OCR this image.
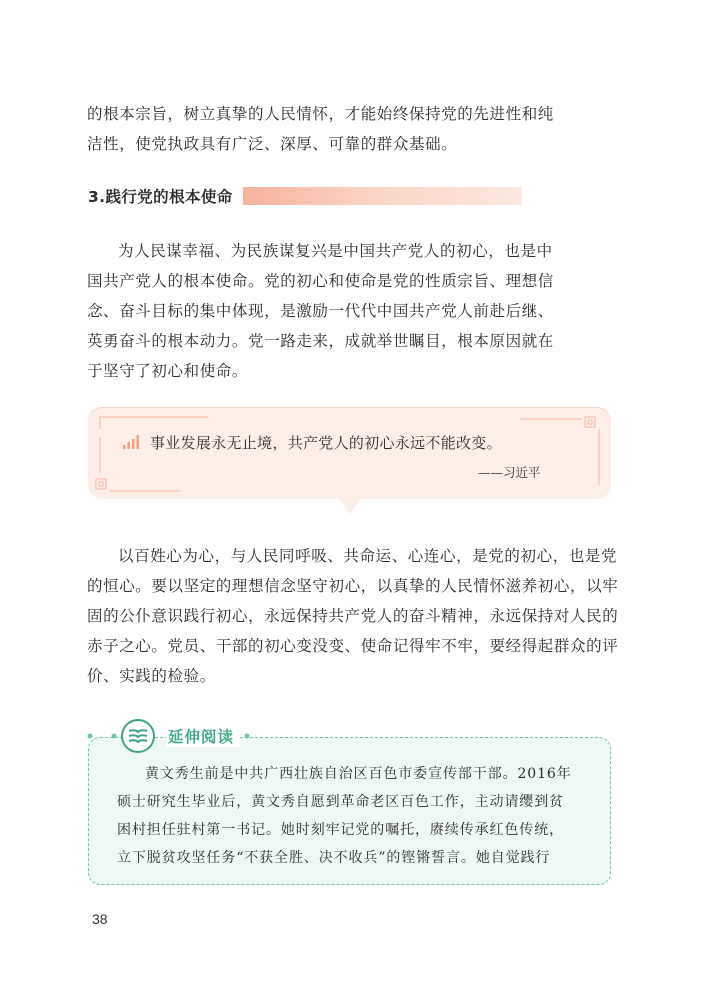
的根本宗旨，树立真挚的人民情怀，才能始终保持党的先进性和纯
洁性，使党执政具有广泛、深厚、可靠的群众基础。
3.践行党的根本使命
为人民谋幸福、为民族谋复兴是中国共产党人的初心，也是中
国共产党人的根本使命。党的初心和使命是党的性质宗旨、理想信
念、奋斗目标的集中体现，是激励一代代中国共产党人前赴后继、
英勇奋斗的根本动力。党一路走来，成就举世瞩目，根本原因就在
于坚守了初心和使命。
事业发展永无止境，共产党人的初心永远不能改变。
——习近平
以百姓心为心，与人民同呼吸、共命运、心连心，是党的初心，也是党
的恒心。要以坚定的理想信念坚守初心，以真挚的人民情怀滋养初心，以牢
固的公仆意识践行初心，永远保持共产党人的奋斗精神，永远保持对人民的
赤子之心。党员、干部的初心变没变、使命记得牢不牢，要经得起群众的评
价、实践的检验。
延伸阅读
黄文秀生前是中共广西壮族自治区百色市委宣传部干部。2016年
硕士研究生毕业后，黄文秀自愿到革命老区百色工作，主动请缨到贫
困村担任驻村第一书记。她时刻牢记党的嘱托，赓续传承红色传统，
立下脱贫攻坚任务“不获全胜、决不收兵”的铿锵誓言。她自觉践行
38
